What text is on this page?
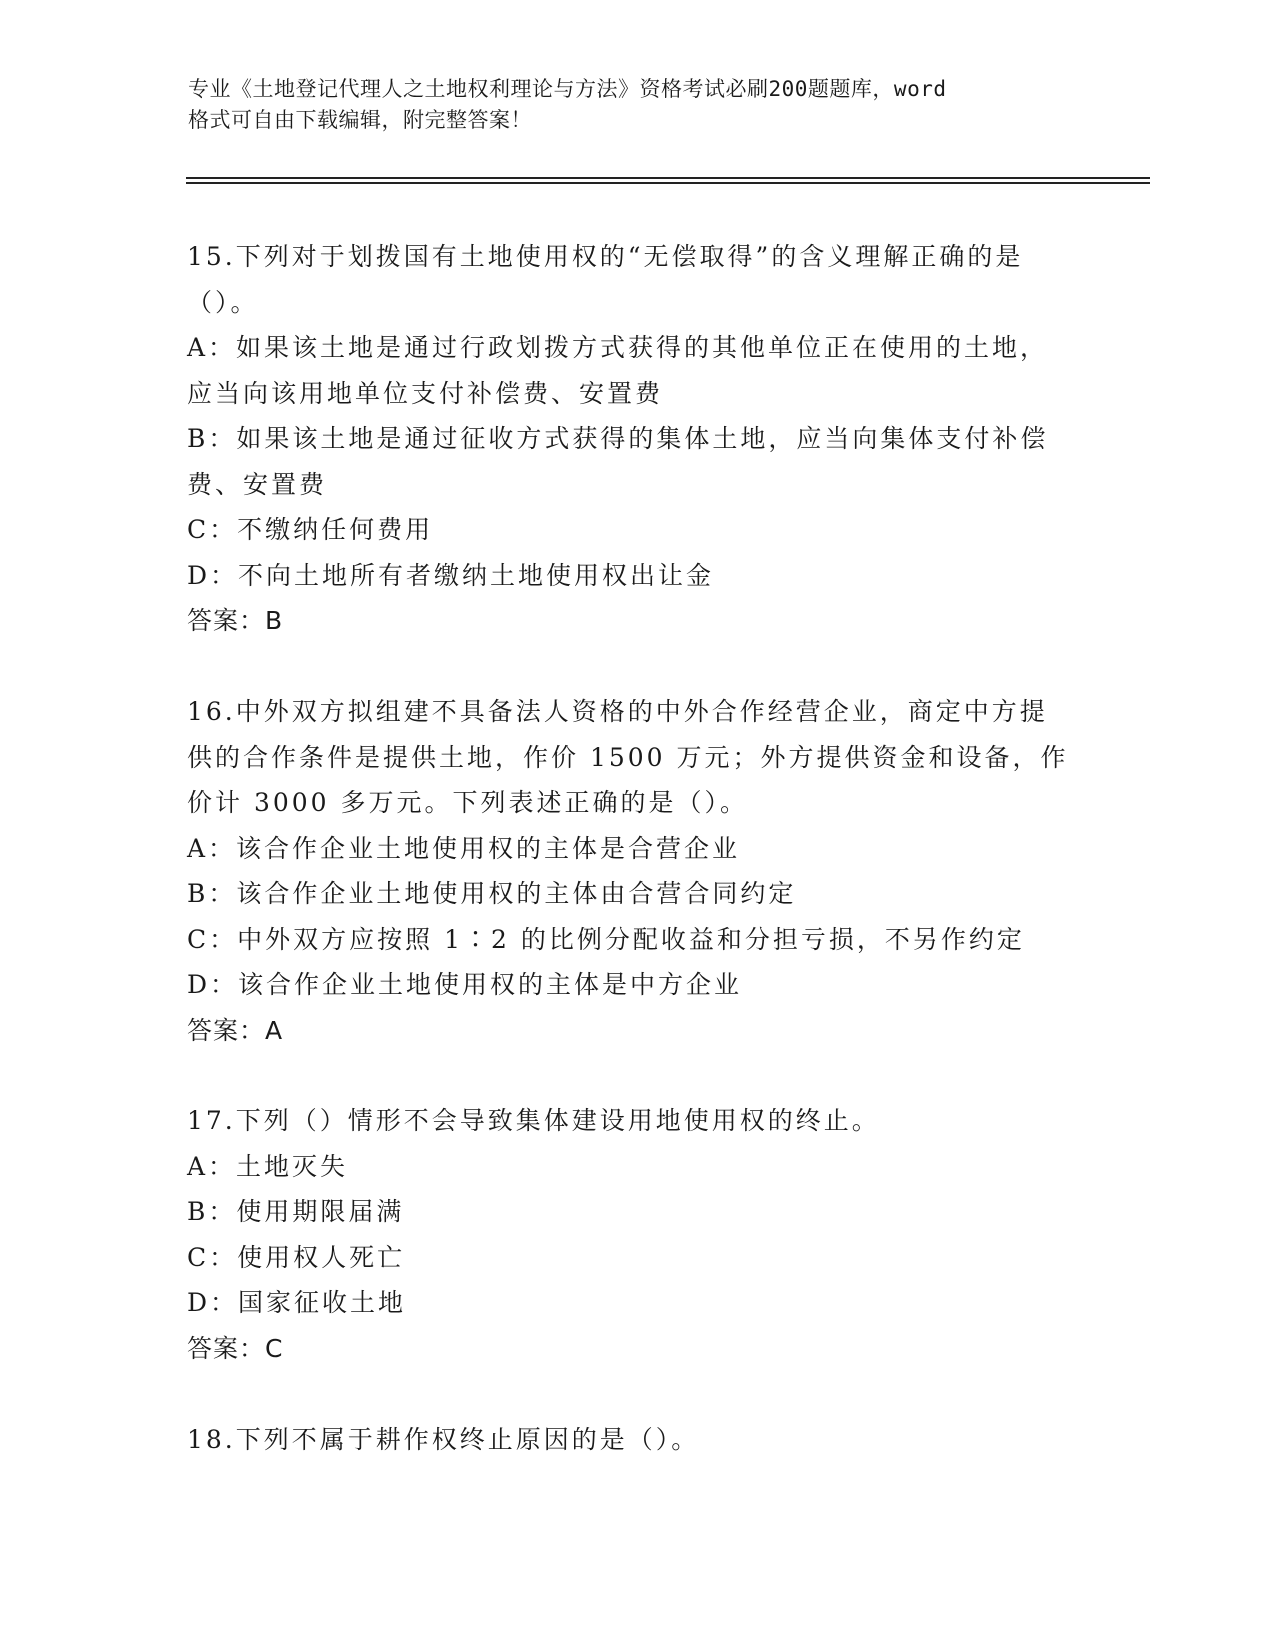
专业《土地登记代理人之土地权利理论与方法》资格考试必刷200题题库，word
格式可自由下载编辑，附完整答案！
15.下列对于划拨国有土地使用权的“无偿取得”的含义理解正确的是
（）。
A：如果该土地是通过行政划拨方式获得的其他单位正在使用的土地，
应当向该用地单位支付补偿费、安置费
B：如果该土地是通过征收方式获得的集体土地，应当向集体支付补偿
费、安置费
C：不缴纳任何费用
D：不向土地所有者缴纳土地使用权出让金
答案：B
16.中外双方拟组建不具备法人资格的中外合作经营企业，商定中方提
供的合作条件是提供土地，作价 1500 万元；外方提供资金和设备，作
价计 3000 多万元。下列表述正确的是（）。
A：该合作企业土地使用权的主体是合营企业
B：该合作企业土地使用权的主体由合营合同约定
C：中外双方应按照 1∶2 的比例分配收益和分担亏损，不另作约定
D：该合作企业土地使用权的主体是中方企业
答案：A
17.下列（）情形不会导致集体建设用地使用权的终止。
A：土地灭失
B：使用期限届满
C：使用权人死亡
D：国家征收土地
答案：C
18.下列不属于耕作权终止原因的是（）。
